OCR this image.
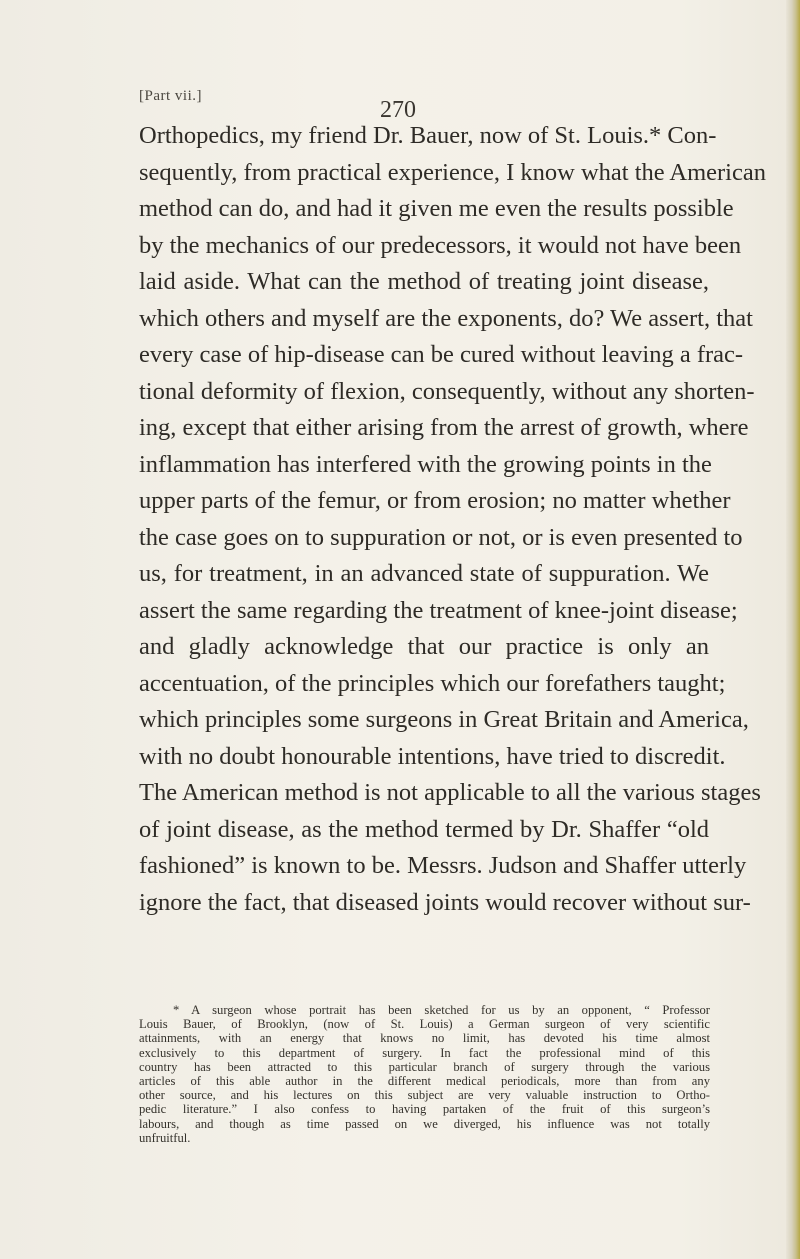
[Part vii.]
270
Orthopedics, my friend Dr. Bauer, now of St. Louis.* Con-
sequently, from practical experience, I know what the American
method can do, and had it given me even the results possible
by the mechanics of our predecessors, it would not have been
laid aside. What can the method of treating joint disease,
which others and myself are the exponents, do? We assert, that
every case of hip-disease can be cured without leaving a frac-
tional deformity of flexion, consequently, without any shorten-
ing, except that either arising from the arrest of growth, where
inflammation has interfered with the growing points in the
upper parts of the femur, or from erosion; no matter whether
the case goes on to suppuration or not, or is even presented to
us, for treatment, in an advanced state of suppuration. We
assert the same regarding the treatment of knee-joint disease;
and gladly acknowledge that our practice is only an
accentuation, of the principles which our forefathers taught;
which principles some surgeons in Great Britain and America,
with no doubt honourable intentions, have tried to discredit.
The American method is not applicable to all the various stages
of joint disease, as the method termed by Dr. Shaffer “old
fashioned” is known to be. Messrs. Judson and Shaffer utterly
ignore the fact, that diseased joints would recover without sur-
* A surgeon whose portrait has been sketched for us by an opponent, “ Professor
Louis Bauer, of Brooklyn, (now of St. Louis) a German surgeon of very scientific
attainments, with an energy that knows no limit, has devoted his time almost
exclusively to this department of surgery. In fact the professional mind of this
country has been attracted to this particular branch of surgery through the various
articles of this able author in the different medical periodicals, more than from any
other source, and his lectures on this subject are very valuable instruction to Ortho-
pedic literature.” I also confess to having partaken of the fruit of this surgeon’s
labours, and though as time passed on we diverged, his influence was not totally
unfruitful.
